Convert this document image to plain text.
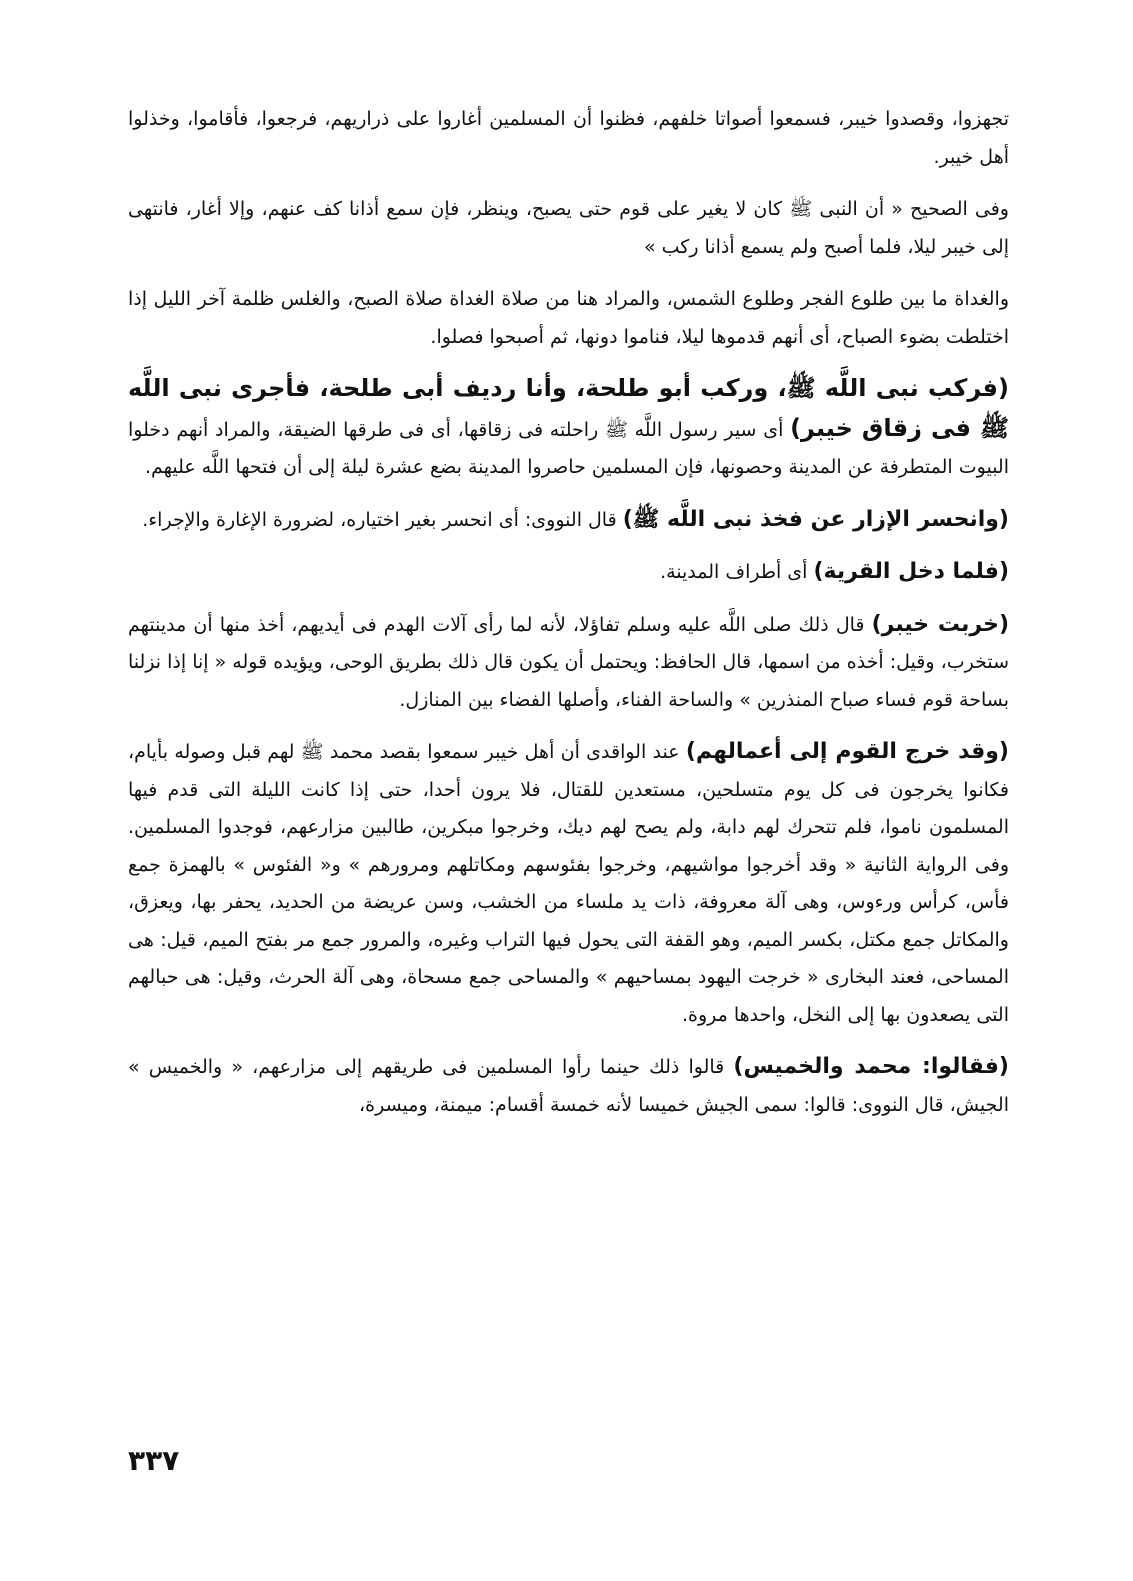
تجهزوا، وقصدوا خيبر، فسمعوا أصواتا خلفهم، فظنوا أن المسلمين أغاروا على ذراريهم، فرجعوا، فأقاموا، وخذلوا أهل خيبر.

وفى الصحيح « أن النبى ﷺ كان لا يغير على قوم حتى يصبح، وينظر، فإن سمع أذانا كف عنهم، وإلا أغار، فانتهى إلى خيبر ليلا، فلما أصبح ولم يسمع أذانا ركب »

والغداة ما بين طلوع الفجر وطلوع الشمس، والمراد هنا من صلاة الغداة صلاة الصبح، والغلس ظلمة آخر الليل إذا اختلطت بضوء الصباح، أى أنهم قدموها ليلا، فناموا دونها، ثم أصبحوا فصلوا.

(فركب نبى اللَّه ﷺ، وركب أبو طلحة، وأنا رديف أبى طلحة، فأجرى نبى اللَّه ﷺ فى زقاق خيبر) أى سير رسول اللَّه ﷺ راحلته فى زقاقها، أى فى طرقها الضيقة، والمراد أنهم دخلوا البيوت المتطرفة عن المدينة وحصونها، فإن المسلمين حاصروا المدينة بضع عشرة ليلة إلى أن فتحها اللَّه عليهم.

(وانحسر الإزار عن فخذ نبى اللَّه ﷺ) قال النووى: أى انحسر بغير اختياره، لضرورة الإغارة والإجراء.

(فلما دخل القرية) أى أطراف المدينة.

(خربت خيبر) قال ذلك صلى اللَّه عليه وسلم تفاؤلا، لأنه لما رأى آلات الهدم فى أيديهم، أخذ منها أن مدينتهم ستخرب، وقيل: أخذه من اسمها، قال الحافظ: ويحتمل أن يكون قال ذلك بطريق الوحى، ويؤيده قوله « إنا إذا نزلنا بساحة قوم فساء صباح المنذرين » والساحة الفناء، وأصلها الفضاء بين المنازل.

(وقد خرج القوم إلى أعمالهم) عند الواقدى أن أهل خيبر سمعوا بقصد محمد ﷺ لهم قبل وصوله بأيام، فكانوا يخرجون فى كل يوم متسلحين، مستعدين للقتال، فلا يرون أحدا، حتى إذا كانت الليلة التى قدم فيها المسلمون ناموا، فلم تتحرك لهم دابة، ولم يصح لهم ديك، وخرجوا مبكرين، طالبين مزارعهم، فوجدوا المسلمين. وفى الرواية الثانية « وقد أخرجوا مواشيهم، وخرجوا بفئوسهم ومكاتلهم ومرورهم » و« الفئوس » بالهمزة جمع فأس، كرأس ورءوس، وهى آلة معروفة، ذات يد ملساء من الخشب، وسن عريضة من الحديد، يحفر بها، ويعزق، والمكاتل جمع مكتل، بكسر الميم، وهو القفة التى يحول فيها التراب وغيره، والمرور جمع مر بفتح الميم، قيل: هى المساحى، فعند البخارى « خرجت اليهود بمساحيهم » والمساحى جمع مسحاة، وهى آلة الحرث، وقيل: هى حبالهم التى يصعدون بها إلى النخل، واحدها مروة.

(فقالوا: محمد والخميس) قالوا ذلك حينما رأوا المسلمين فى طريقهم إلى مزارعهم، « والخميس » الجيش، قال النووى: قالوا: سمى الجيش خميسا لأنه خمسة أقسام: ميمنة، وميسرة،

٣٣٧
